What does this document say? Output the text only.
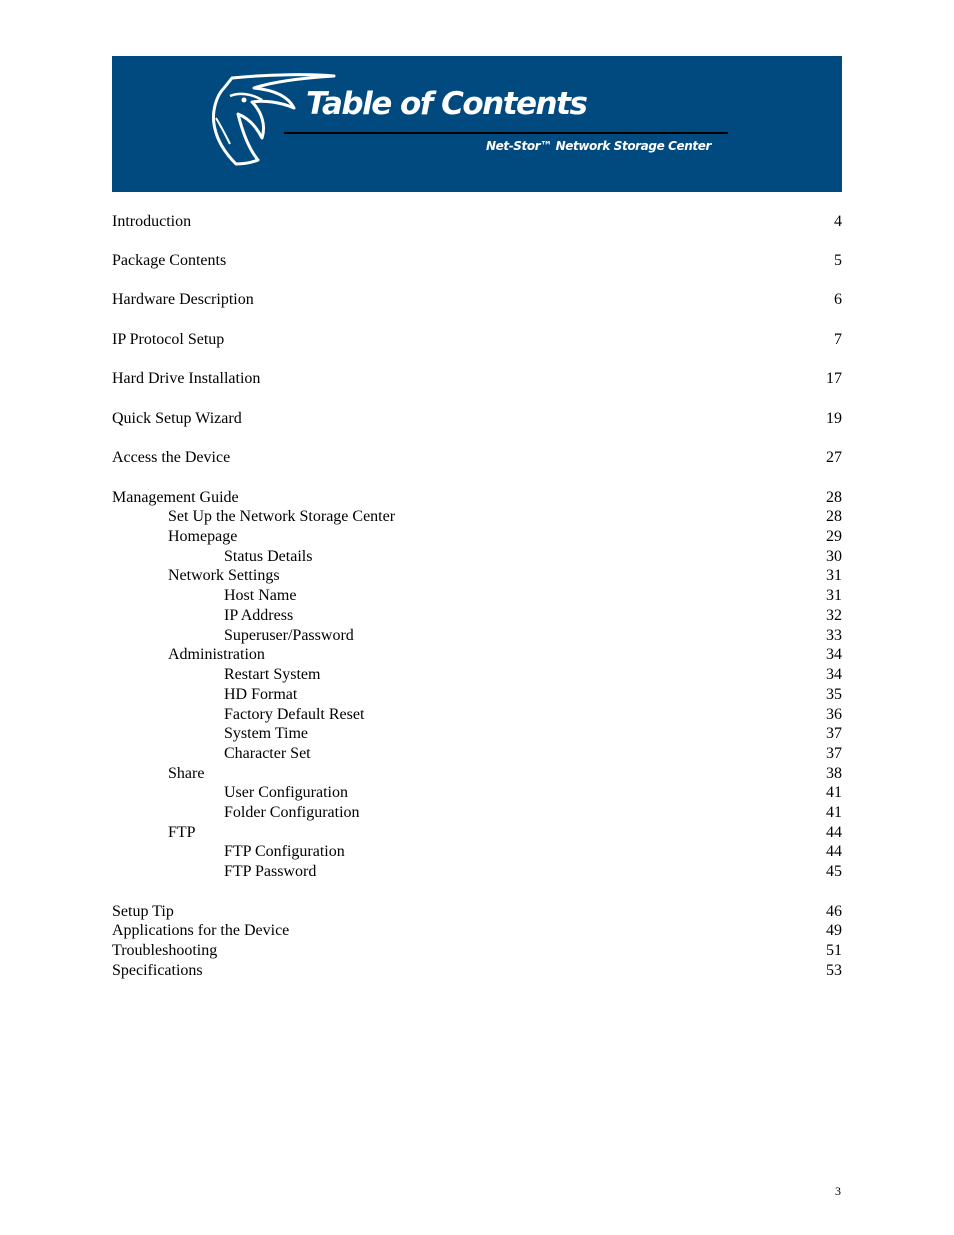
Table of Contents
Net-Stor™ Network Storage Center
Introduction	4
Package Contents	5
Hardware Description	6
IP Protocol Setup	7
Hard Drive Installation	17
Quick Setup Wizard	19
Access the Device	27
Management Guide	28
Set Up the Network Storage Center	28
Homepage	29
Status Details	30
Network Settings	31
Host Name	31
IP Address	32
Superuser/Password	33
Administration	34
Restart System	34
HD Format	35
Factory Default Reset	36
System Time	37
Character Set	37
Share	38
User Configuration	41
Folder Configuration	41
FTP	44
FTP Configuration	44
FTP Password	45
Setup Tip	46
Applications for the Device	49
Troubleshooting	51
Specifications	53
3
